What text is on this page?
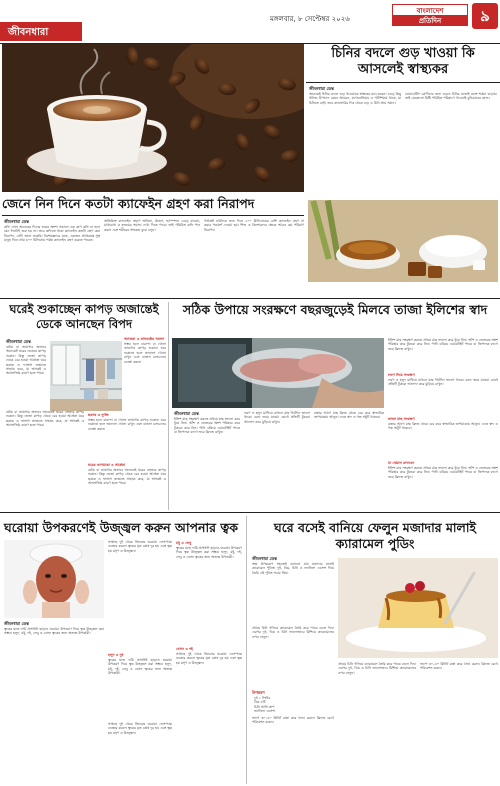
জীবনধারা
মঙ্গলবার, ৮ সেপ্টেম্বর ২০২৬
বাংলাদেশ
প্রতিদিন	৯
চিনির বদলে গুড় খাওয়া কি আসলেই স্বাস্থ্যকর
জীবনধারা ডেস্ক
অনেকেই চিনির বদলে গুড় খাওয়াকে স্বাস্থ্যকর মনে করেন। গুড়ে কিছু খনিজ উপাদান যেমন আয়রন, ম্যাগনেসিয়াম ও পটাশিয়াম থাকে, যা চিনিতে নেই। তবে ক্যালোরির দিক থেকে গুড় ও চিনি প্রায় সমান।
ডায়াবেটিস রোগীদের জন্য গুড়ও চিনির মতোই রক্তে শর্করা বাড়ায়। তাই যেকোনো মিষ্টি পরিমিত পরিমাণে খাওয়াই বুদ্ধিমানের কাজ।
জেনে নিন দিনে কতটা ক্যাফেইন গ্রহণ করা নিরাপদ
জীবনধারা ডেস্ক
কফি এখন অনেকের দিনের শুরুর অংশ। সকালে এক কাপ কফি না হলে যেন দিনটাই শুরু হয় না। তবে কফিতে থাকা ক্যাফেইন কতটা গ্রহণ করা নিরাপদ, সেটা জানা জরুরি। বিশেষজ্ঞদের মতে, একজন প্রাপ্তবয়স্ক সুস্থ মানুষ দিনে প্রায় ৪০০ মিলিগ্রাম পর্যন্ত ক্যাফেইন গ্রহণ করতে পারেন।
অতিরিক্ত ক্যাফেইন গ্রহণে অনিদ্রা, উদ্বেগ, হৃৎস্পন্দন বেড়ে যাওয়া, মাথাব্যথা ও হজমের সমস্যা দেখা দিতে পারে। তাই পরিমিত কফি পান করুন এবং শরীরের সংকেত বুঝে চলুন।
গর্ভবতী নারীদের জন্য দিনে ২০০ মিলিগ্রামের বেশি ক্যাফেইন গ্রহণ না করার পরামর্শ দেওয়া হয়। শিশু ও কিশোরদের ক্ষেত্রে আরও কম পরিমাণ নিরাপদ।
ঘরেই শুকাচ্ছেন কাপড় অজান্তেই ডেকে আনছেন বিপদ
জীবনধারা ডেস্ক
বর্ষায় বা জায়গার অভাবে অনেকেই ঘরের ভেতরে কাপড় শুকান। কিন্তু ভেজা কাপড় থেকে বের হওয়া আর্দ্রতা ঘরে ছত্রাক ও ফাঙ্গাস জন্মাতে সাহায্য করে, যা শ্বাসকষ্ট ও অ্যালার্জির কারণ হতে পারে।
অ্যাজমা ও শ্বাসকষ্টের সমস্যা
সম্ভব হলে বারান্দা বা খোলা জায়গায় কাপড় শুকান। ঘরে শুকাতে হলে জানালা খোলা রাখুন এবং বাতাস চলাচলের ব্যবস্থা করুন।
বর্ষায় বা জায়গার অভাবে অনেকেই ঘরের ভেতরে কাপড় শুকান। কিন্তু ভেজা কাপড় থেকে বের হওয়া আর্দ্রতা ঘরে ছত্রাক ও ফাঙ্গাস জন্মাতে সাহায্য করে, যা শ্বাসকষ্ট ও অ্যালার্জির কারণ হতে পারে।
ছত্রাক ও দুর্গন্ধ
সম্ভব হলে বারান্দা বা খোলা জায়গায় কাপড় শুকান। ঘরে শুকাতে হলে জানালা খোলা রাখুন এবং বাতাস চলাচলের ব্যবস্থা করুন।
ঘরের তাপমাত্রা ও আর্দ্রতা
বর্ষায় বা জায়গার অভাবে অনেকেই ঘরের ভেতরে কাপড় শুকান। কিন্তু ভেজা কাপড় থেকে বের হওয়া আর্দ্রতা ঘরে ছত্রাক ও ফাঙ্গাস জন্মাতে সাহায্য করে, যা শ্বাসকষ্ট ও অ্যালার্জির কারণ হতে পারে।
সঠিক উপায়ে সংরক্ষণে বছরজুড়েই মিলবে তাজা ইলিশের স্বাদ
জীবনধারা ডেস্ক
ইলিশ মাছ সংরক্ষণ করতে প্রথমে মাছ ভালো করে ধুয়ে নিন। আঁশ ও ভেতরের অংশ পরিষ্কার করে টুকরো করে নিন। পানি ঝরিয়ে এয়ারটাইট পাত্রে বা জিপলক ব্যাগে ভরে ফ্রিজে রাখুন।
লবণ ও হলুদ মাখিয়ে রাখলে মাছ দীর্ঘদিন ভালো থাকে। বরফ জমে যাওয়া রোধে প্রতিটি টুকরো আলাদা করে মুড়িয়ে রাখুন।
রান্নার আগে মাছ ফ্রিজ থেকে বের করে স্বাভাবিক তাপমাত্রায় আনুন। এতে স্বাদ ও গন্ধ অটুট থাকবে।
ইলিশ মাছ সংরক্ষণ করতে প্রথমে মাছ ভালো করে ধুয়ে নিন। আঁশ ও ভেতরের অংশ পরিষ্কার করে টুকরো করে নিন। পানি ঝরিয়ে এয়ারটাইট পাত্রে বা জিপলক ব্যাগে ভরে ফ্রিজে রাখুন।
লবণ দিয়ে সংরক্ষণ
লবণ ও হলুদ মাখিয়ে রাখলে মাছ দীর্ঘদিন ভালো থাকে। বরফ জমে যাওয়া রোধে প্রতিটি টুকরো আলাদা করে মুড়িয়ে রাখুন।
ভাজা মাছ সংরক্ষণ
রান্নার আগে মাছ ফ্রিজ থেকে বের করে স্বাভাবিক তাপমাত্রায় আনুন। এতে স্বাদ ও গন্ধ অটুট থাকবে।
যা খেয়াল রাখবেন
ইলিশ মাছ সংরক্ষণ করতে প্রথমে মাছ ভালো করে ধুয়ে নিন। আঁশ ও ভেতরের অংশ পরিষ্কার করে টুকরো করে নিন। পানি ঝরিয়ে এয়ারটাইট পাত্রে বা জিপলক ব্যাগে ভরে ফ্রিজে রাখুন।
ঘরোয়া উপকরণেই উজ্জ্বল করুন আপনার ত্বক
জীবনধারা ডেস্ক
ত্বকের যত্নে দামি প্রসাধনী ছাড়াও ঘরোয়া উপকরণ দিয়ে ত্বক উজ্জ্বল করা সম্ভব। হলুদ, মধু, দই, লেবু ও বেসন ত্বকের জন্য অত্যন্ত উপকারী।
সপ্তাহে দুই থেকে তিনবার ঘরোয়া ফেসপ্যাক ব্যবহার করলে ত্বকের মৃত কোষ দূর হয় এবং ত্বক হয় মসৃণ ও উজ্জ্বল।
হলুদ ও দুধ
ত্বকের যত্নে দামি প্রসাধনী ছাড়াও ঘরোয়া উপকরণ দিয়ে ত্বক উজ্জ্বল করা সম্ভব। হলুদ, মধু, দই, লেবু ও বেসন ত্বকের জন্য অত্যন্ত উপকারী।
সপ্তাহে দুই থেকে তিনবার ঘরোয়া ফেসপ্যাক ব্যবহার করলে ত্বকের মৃত কোষ দূর হয় এবং ত্বক হয় মসৃণ ও উজ্জ্বল।
মধু ও লেবু
ত্বকের যত্নে দামি প্রসাধনী ছাড়াও ঘরোয়া উপকরণ দিয়ে ত্বক উজ্জ্বল করা সম্ভব। হলুদ, মধু, দই, লেবু ও বেসন ত্বকের জন্য অত্যন্ত উপকারী।
বেসন ও দই
সপ্তাহে দুই থেকে তিনবার ঘরোয়া ফেসপ্যাক ব্যবহার করলে ত্বকের মৃত কোষ দূর হয় এবং ত্বক হয় মসৃণ ও উজ্জ্বল।
ঘরে বসেই বানিয়ে ফেলুন মজাদার মালাই ক্যারামেল পুডিং
জীবনধারা ডেস্ক
অল্প উপকরণে সহজেই বানানো যায় মজাদার মালাই ক্যারামেল পুডিং। দুধ, ডিম, চিনি ও ভ্যানিলা এসেন্স দিয়ে তৈরি এই পুডিং সবার প্রিয়।
প্রথমে চিনি গলিয়ে ক্যারামেল তৈরি করে পাত্রে ঢেলে দিন। এরপর দুধ, ডিম ও চিনি ভালোভাবে মিশিয়ে ক্যারামেলের ওপর ঢালুন।
উপকরণ
দুধ ১ লিটার
ডিম ৪টি
চিনি আধা কাপ
ভ্যানিলা এসেন্স
ভাপে ৩০–৪০ মিনিট রান্না করে ঠান্ডা করুন। ফ্রিজে রেখে পরিবেশন করুন।
প্রথমে চিনি গলিয়ে ক্যারামেল তৈরি করে পাত্রে ঢেলে দিন। এরপর দুধ, ডিম ও চিনি ভালোভাবে মিশিয়ে ক্যারামেলের ওপর ঢালুন।
ভাপে ৩০–৪০ মিনিট রান্না করে ঠান্ডা করুন। ফ্রিজে রেখে পরিবেশন করুন।
